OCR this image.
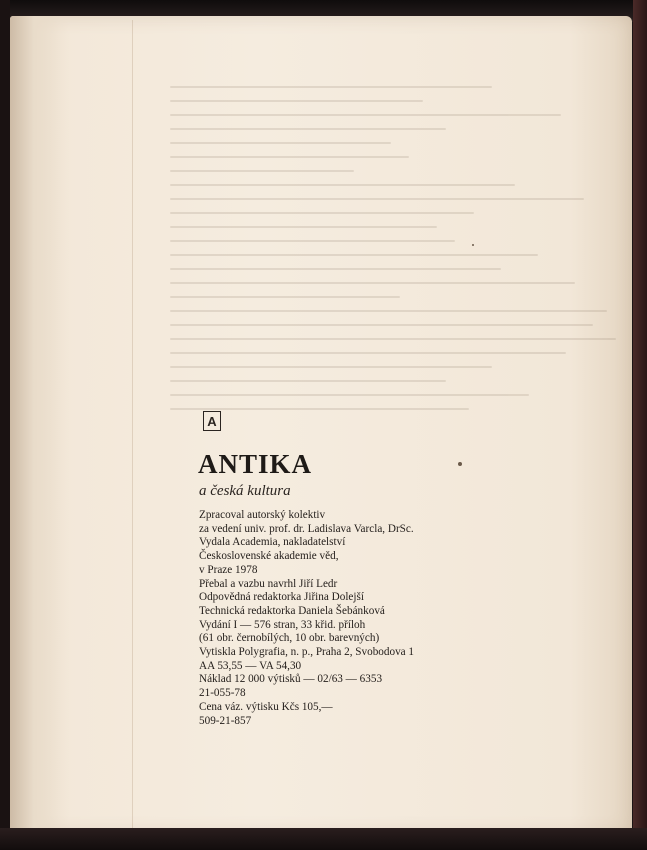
A
ANTIKA

a česká kultura

Zpracoval autorský kolektiv
za vedení univ. prof. dr. Ladislava Varcla, DrSc.
Vydala Academia, nakladatelství
Československé akademie věd,
v Praze 1978
Přebal a vazbu navrhl Jiří Ledr
Odpovědná redaktorka Jiřina Dolejší
Technická redaktorka Daniela Šebánková
Vydání I — 576 stran, 33 křid. příloh
(61 obr. černobílých, 10 obr. barevných)
Vytiskla Polygrafia, n. p., Praha 2, Svobodova 1
AA 53,55 — VA 54,30
Náklad 12 000 výtisků — 02/63 — 6353
21-055-78
Cena váz. výtisku Kčs 105,—
509-21-857
